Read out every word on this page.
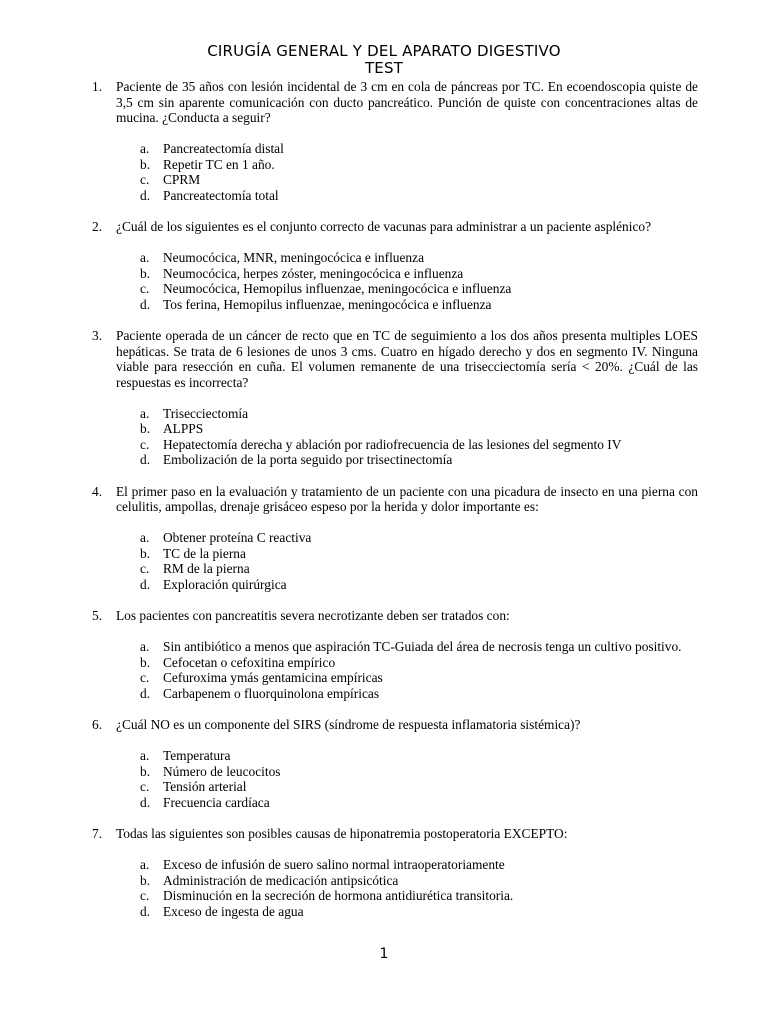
CIRUGÍA GENERAL Y DEL APARATO DIGESTIVO
TEST
1. Paciente de 35 años con lesión incidental de 3 cm en cola de páncreas por TC. En ecoendoscopia quiste de 3,5 cm sin aparente comunicación con ducto pancreático. Punción de quiste con concentraciones altas de mucina. ¿Conducta a seguir?
a. Pancreatectomía distal
b. Repetir TC en 1 año.
c. CPRM
d. Pancreatectomía total
2. ¿Cuál de los siguientes es el conjunto correcto de vacunas para administrar a un paciente asplénico?
a. Neumocócica, MNR, meningocócica e influenza
b. Neumocócica, herpes zóster, meningocócica e influenza
c. Neumocócica, Hemopilus influenzae, meningocócica e influenza
d. Tos ferina, Hemopilus influenzae, meningocócica e influenza
3. Paciente operada de un cáncer de recto que en TC de seguimiento a los dos años presenta multiples LOES hepáticas. Se trata de 6 lesiones de unos 3 cms. Cuatro en hígado derecho y dos en segmento IV. Ninguna viable para resección en cuña. El volumen remanente de una trisecciectomía sería < 20%. ¿Cuál de las respuestas es incorrecta?
a. Trisecciectomía
b. ALPPS
c. Hepatectomía derecha y ablación por radiofrecuencia de las lesiones del segmento IV
d. Embolización de la porta seguido por trisectinectomía
4. El primer paso en la evaluación y tratamiento de un paciente con una picadura de insecto en una pierna con celulitis, ampollas, drenaje grisáceo espeso por la herida y dolor importante es:
a. Obtener proteína C reactiva
b. TC de la pierna
c. RM de la pierna
d. Exploración quirúrgica
5. Los pacientes con pancreatitis severa necrotizante deben ser tratados con:
a. Sin antibiótico a menos que aspiración TC-Guiada del área de necrosis tenga un cultivo positivo.
b. Cefocetan o cefoxitina empírico
c. Cefuroxima ymás gentamicina empíricas
d. Carbapenem o fluorquinolona empíricas
6. ¿Cuál NO es un componente del SIRS (síndrome de respuesta inflamatoria sistémica)?
a. Temperatura
b. Número de leucocitos
c. Tensión arterial
d. Frecuencia cardíaca
7. Todas las siguientes son posibles causas de hiponatremia postoperatoria EXCEPTO:
a. Exceso de infusión de suero salino normal intraoperatoriamente
b. Administración de medicación antipsicótica
c. Disminución en la secreción de hormona antidiurética transitoria.
d. Exceso de ingesta de agua
1
